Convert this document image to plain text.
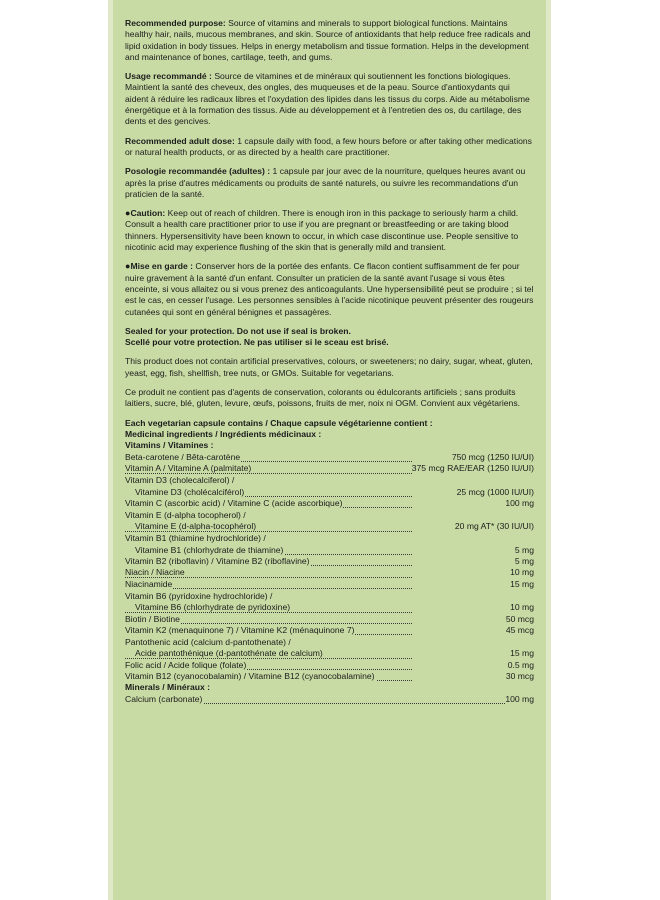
Recommended purpose: Source of vitamins and minerals to support biological functions. Maintains healthy hair, nails, mucous membranes, and skin. Source of antioxidants that help reduce free radicals and lipid oxidation in body tissues. Helps in energy metabolism and tissue formation. Helps in the development and maintenance of bones, cartilage, teeth, and gums.

Usage recommandé : Source de vitamines et de minéraux qui soutiennent les fonctions biologiques. Maintient la santé des cheveux, des ongles, des muqueuses et de la peau. Source d'antioxydants qui aident à réduire les radicaux libres et l'oxydation des lipides dans les tissus du corps. Aide au métabolisme énergétique et à la formation des tissus. Aide au développement et à l'entretien des os, du cartilage, des dents et des gencives.

Recommended adult dose: 1 capsule daily with food, a few hours before or after taking other medications or natural health products, or as directed by a health care practitioner.

Posologie recommandée (adultes) : 1 capsule par jour avec de la nourriture, quelques heures avant ou après la prise d'autres médicaments ou produits de santé naturels, ou suivre les recommandations d'un praticien de la santé.

●Caution: Keep out of reach of children. There is enough iron in this package to seriously harm a child. Consult a health care practitioner prior to use if you are pregnant or breastfeeding or are taking blood thinners. Hypersensitivity have been known to occur, in which case discontinue use. People sensitive to nicotinic acid may experience flushing of the skin that is generally mild and transient.

●Mise en garde : Conserver hors de la portée des enfants. Ce flacon contient suffisamment de fer pour nuire gravement à la santé d'un enfant. Consulter un praticien de la santé avant l'usage si vous êtes enceinte, si vous allaitez ou si vous prenez des anticoagulants. Une hypersensibilité peut se produire ; si tel est le cas, en cesser l'usage. Les personnes sensibles à l'acide nicotinique peuvent présenter des rougeurs cutanées qui sont en général bénignes et passagères.

Sealed for your protection. Do not use if seal is broken.
Scellé pour votre protection. Ne pas utiliser si le sceau est brisé.

This product does not contain artificial preservatives, colours, or sweeteners; no dairy, sugar, wheat, gluten, yeast, egg, fish, shellfish, tree nuts, or GMOs. Suitable for vegetarians.

Ce produit ne contient pas d'agents de conservation, colorants ou édulcorants artificiels ; sans produits laitiers, sucre, blé, gluten, levure, œufs, poissons, fruits de mer, noix ni OGM. Convient aux végétariens.

Each vegetarian capsule contains / Chaque capsule végétarienne contient :
Medicinal ingredients / Ingrédients médicinaux :
Vitamins / Vitamines :
Beta-carotene / Bêta-carotène	750 mcg (1250 IU/UI)

Vitamin A / Vitamine A (palmitate)	375 mcg RAE/EAR (1250 IU/UI)
Vitamin D3 (cholecalciferol) /	

Vitamine D3 (cholécalciférol)	25 mcg (1000 IU/UI)

Vitamin C (ascorbic acid) / Vitamine C (acide ascorbique)	100 mg
Vitamin E (d-alpha tocopherol) /	

Vitamine E (d-alpha-tocophérol)	20 mg AT* (30 IU/UI)
Vitamin B1 (thiamine hydrochloride) /	

Vitamine B1 (chlorhydrate de thiamine)	5 mg

Vitamin B2 (riboflavin) / Vitamine B2 (riboflavine)	5 mg

Niacin / Niacine	10 mg

Niacinamide	15 mg
Vitamin B6 (pyridoxine hydrochloride) /	

Vitamine B6 (chlorhydrate de pyridoxine)	10 mg

Biotin / Biotine	50 mcg

Vitamin K2 (menaquinone 7) / Vitamine K2 (ménaquinone 7)	45 mcg
Pantothenic acid (calcium d-pantothenate) /	

Acide pantothénique (d-pantothénate de calcium)	15 mg

Folic acid / Acide folique (folate)	0.5 mg

Vitamin B12 (cyanocobalamin) / Vitamine B12 (cyanocobalamine)	30 mcg
Minerals / Minéraux :
Calcium (carbonate)	100 mg
